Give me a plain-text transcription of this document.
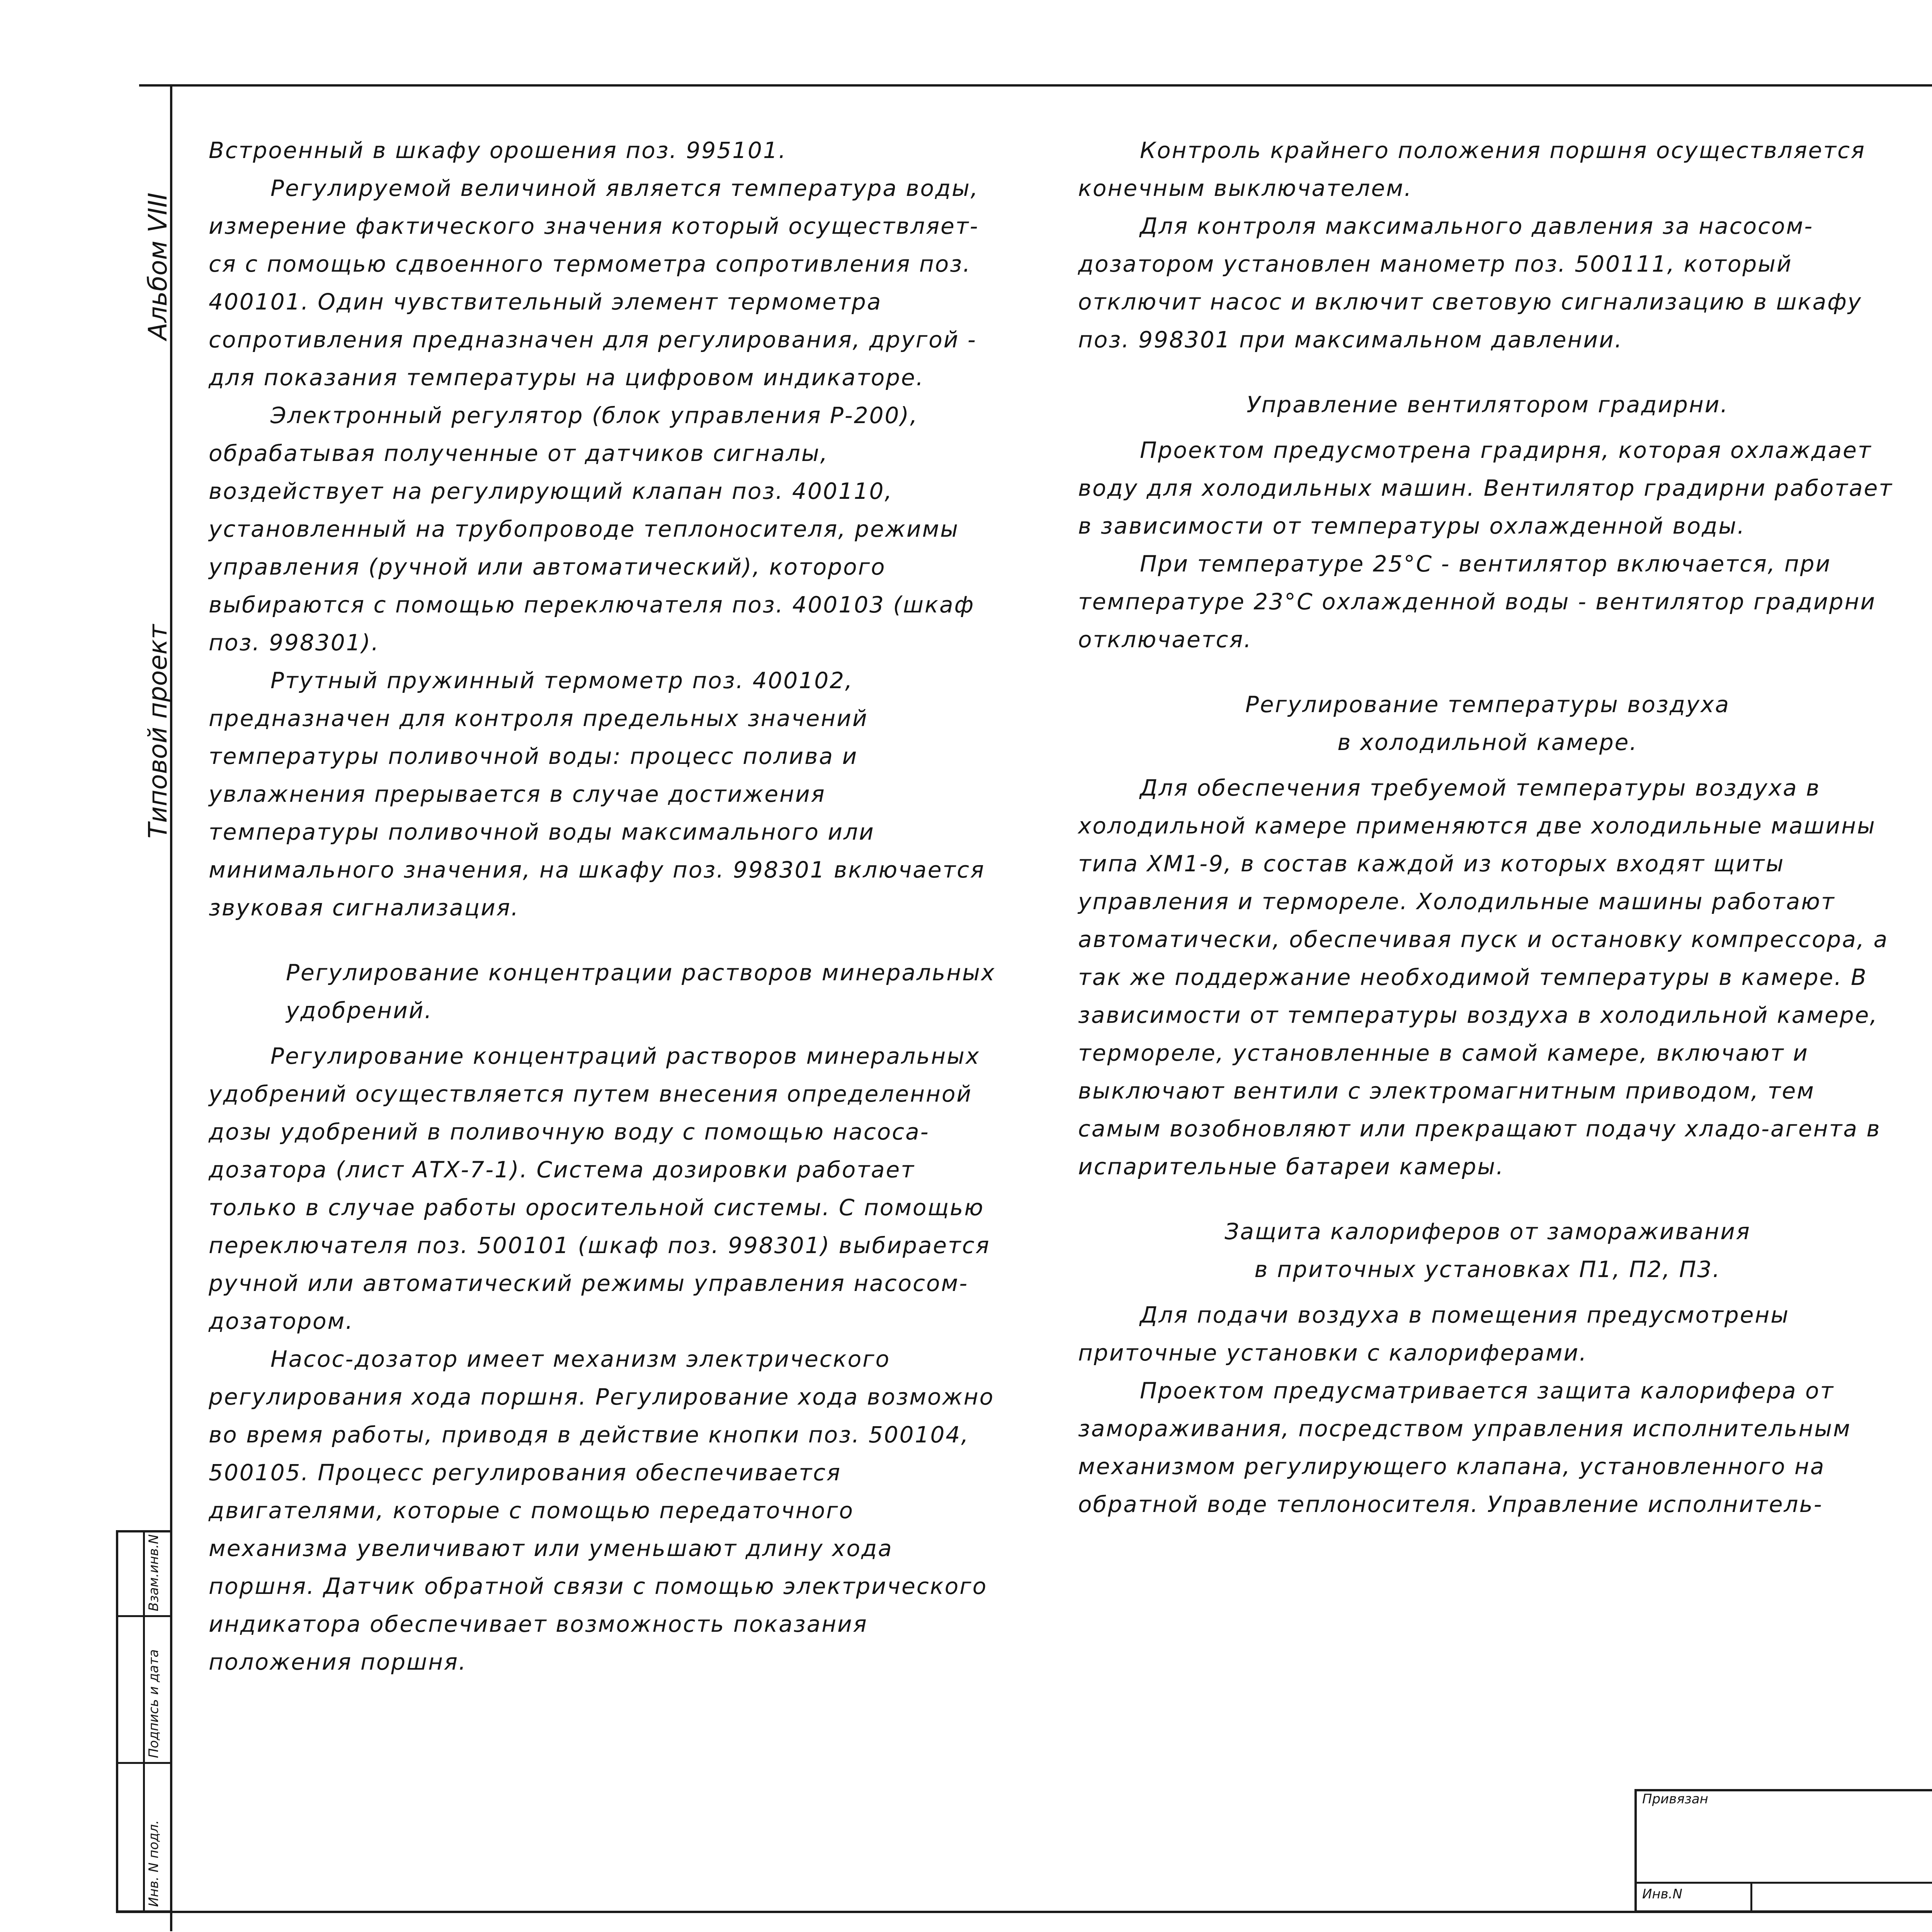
Альбом VIII
Типовой проект
Взам.инв.N
Подпись и дата
Инв. N подл.

Встроенный в шкафу орошения поз. 995101.

Регулируемой величиной является температура воды, измерение фактического значения который осуществляет-ся с помощью сдвоенного термометра сопротивления поз. 400101. Один чувствительный элемент термометра сопротивления предназначен для регулирования, другой - для показания температуры на цифровом индикаторе.

Электронный регулятор (блок управления Р-200), обрабатывая полученные от датчиков сигналы, воздействует на регулирующий клапан поз. 400110, установленный на трубопроводе теплоносителя, режимы управления (ручной или автоматический), которого выбираются с помощью переключателя поз. 400103 (шкаф поз. 998301).

Ртутный пружинный термометр поз. 400102, предназначен для контроля предельных значений температуры поливочной воды: процесс полива и увлажнения прерывается в случае достижения температуры поливочной воды максимального или минимального значения, на шкафу поз. 998301 включается звуковая сигнализация.

Регулирование концентрации растворов минеральных удобрений.

Регулирование концентраций растворов минеральных удобрений осуществляется путем внесения определенной дозы удобрений в поливочную воду с помощью насоса-дозатора (лист АТХ-7-1). Система дозировки работает только в случае работы оросительной системы. С помощью переключателя поз. 500101 (шкаф поз. 998301) выбирается ручной или автоматический режимы управления насосом-дозатором.

Насос-дозатор имеет механизм электрического регулирования хода поршня. Регулирование хода возможно во время работы, приводя в действие кнопки поз. 500104, 500105. Процесс регулирования обеспечивается двигателями, которые с помощью передаточного механизма увеличивают или уменьшают длину хода поршня. Датчик обратной связи с помощью электрического индикатора обеспечивает возможность показания положения поршня.

Контроль крайнего положения поршня осуществляется конечным выключателем.

Для контроля максимального давления за насосом-дозатором установлен манометр поз. 500111, который отключит насос и включит световую сигнализацию в шкафу поз. 998301 при максимальном давлении.

Управление вентилятором градирни.

Проектом предусмотрена градирня, которая охлаждает воду для холодильных машин. Вентилятор градирни работает в зависимости от температуры охлажденной воды.

При температуре 25°С - вентилятор включается, при температуре 23°С охлажденной воды - вентилятор градирни отключается.

Регулирование температуры воздуха
в холодильной камере.

Для обеспечения требуемой температуры воздуха в холодильной камере применяются две холодильные машины типа ХМ1-9, в состав каждой из которых входят щиты управления и термореле. Холодильные машины работают автоматически, обеспечивая пуск и остановку компрессора, а так же поддержание необходимой температуры в камере. В зависимости от температуры воздуха в холодильной камере, термореле, установленные в самой камере, включают и выключают вентили с электромагнитным приводом, тем самым возобновляют или прекращают подачу хладо-агента в испарительные батареи камеры.

Защита калориферов от замораживания
в приточных установках П1, П2, П3.

Для подачи воздуха в помещения предусмотрены приточные установки с калориферами.

Проектом предусматривается защита калорифера от замораживания, посредством управления исполнительным механизмом регулирующего клапана, установленного на обратной воде теплоносителя. Управление исполнитель-

Привязан
Инв.N
